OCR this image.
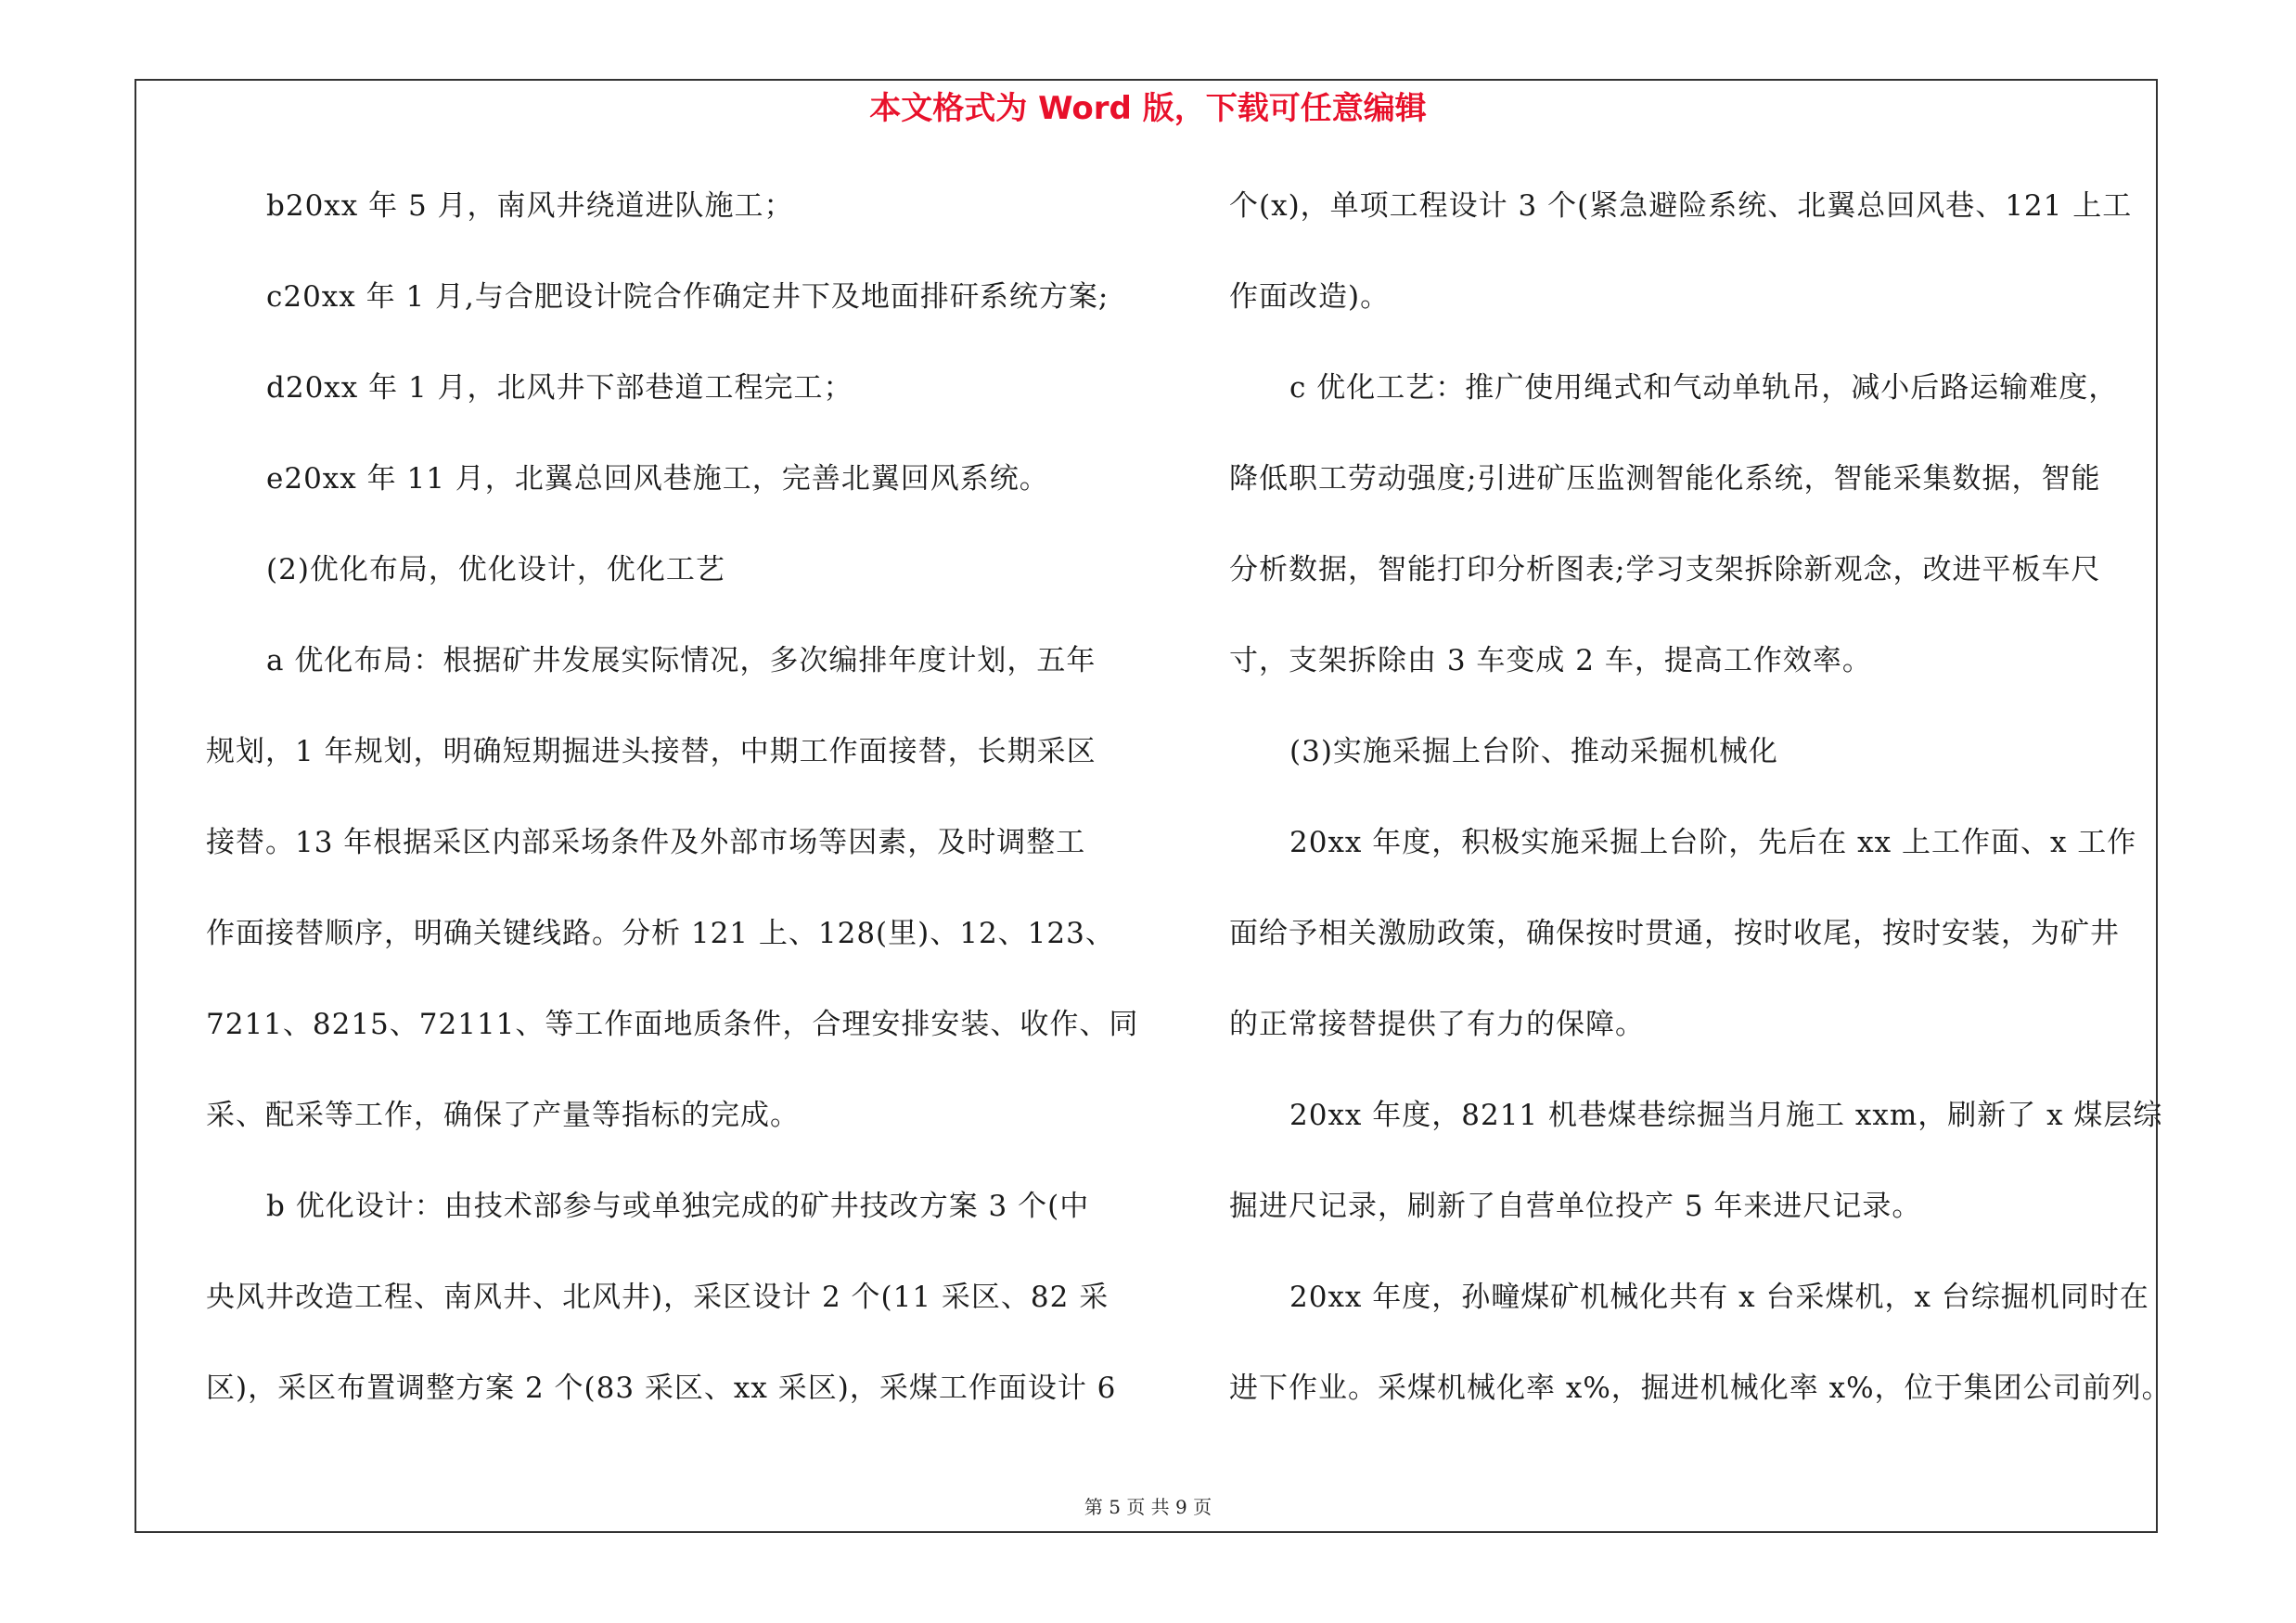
本文格式为 Word 版，下载可任意编辑
b20xx 年 5 月，南风井绕道进队施工；
c20xx 年 1 月,与合肥设计院合作确定井下及地面排矸系统方案;
d20xx 年 1 月，北风井下部巷道工程完工；
e20xx 年 11 月，北翼总回风巷施工，完善北翼回风系统。
(2)优化布局，优化设计，优化工艺
a 优化布局：根据矿井发展实际情况，多次编排年度计划，五年
规划，1 年规划，明确短期掘进头接替，中期工作面接替，长期采区
接替。13 年根据采区内部采场条件及外部市场等因素，及时调整工
作面接替顺序，明确关键线路。分析 121 上、128(里)、12、123、
7211、8215、72111、等工作面地质条件，合理安排安装、收作、同
采、配采等工作，确保了产量等指标的完成。
b 优化设计：由技术部参与或单独完成的矿井技改方案 3 个(中
央风井改造工程、南风井、北风井)，采区设计 2 个(11 采区、82 采
区)，采区布置调整方案 2 个(83 采区、xx 采区)，采煤工作面设计 6
个(x)，单项工程设计 3 个(紧急避险系统、北翼总回风巷、121 上工
作面改造)。
c 优化工艺：推广使用绳式和气动单轨吊，减小后路运输难度，
降低职工劳动强度;引进矿压监测智能化系统，智能采集数据，智能
分析数据，智能打印分析图表;学习支架拆除新观念，改进平板车尺
寸，支架拆除由 3 车变成 2 车，提高工作效率。
(3)实施采掘上台阶、推动采掘机械化
20xx 年度，积极实施采掘上台阶，先后在 xx 上工作面、x 工作
面给予相关激励政策，确保按时贯通，按时收尾，按时安装，为矿井
的正常接替提供了有力的保障。
20xx 年度，8211 机巷煤巷综掘当月施工 xxm，刷新了 x 煤层综
掘进尺记录，刷新了自营单位投产 5 年来进尺记录。
20xx 年度，孙疃煤矿机械化共有 x 台采煤机，x 台综掘机同时在
进下作业。采煤机械化率 x%，掘进机械化率 x%，位于集团公司前列。
第 5 页 共 9 页
